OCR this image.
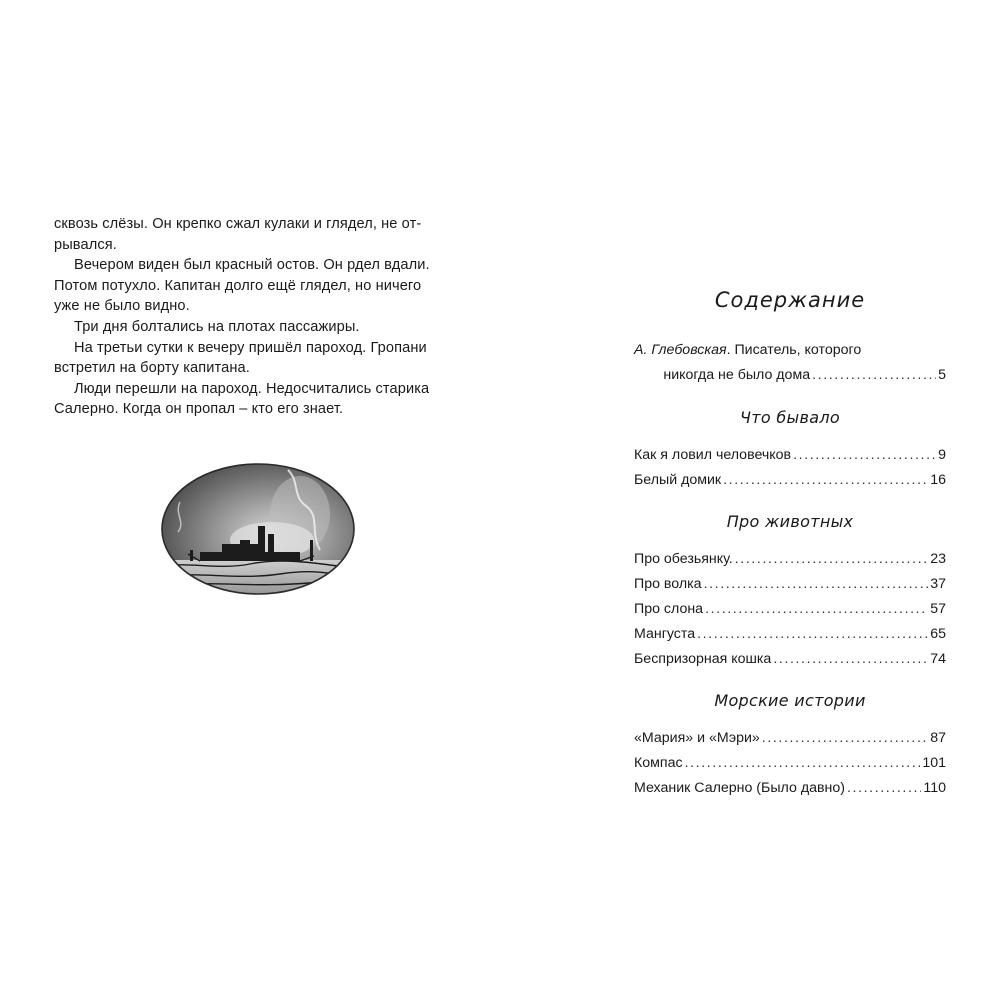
сквозь слёзы. Он крепко сжал кулаки и глядел, не от-
рывался.

Вечером виден был красный остов. Он рдел вдали.
Потом потухло. Капитан долго ещё глядел, но ничего
уже не было видно.

Три дня болтались на плотах пассажиры.

На третьи сутки к вечеру пришёл пароход. Гропани
встретил на борту капитана.

Люди перешли на пароход. Недосчитались старика
Салерно. Когда он пропал – кто его знает.

Содержание
А. Глебовская. Писатель, которого
никогда не было дома .....	5
Что бывало
Как я ловил человечков .....	9
Белый домик .....	16
Про животных
Про обезьянку. .....	23
Про волка .....	37
Про слона .....	57
Мангуста .....	65
Беспризорная кошка .....	74
Морские истории
«Мария» и «Мэри» .....	87
Компас .....	101
Механик Салерно (Было давно) .....	110
